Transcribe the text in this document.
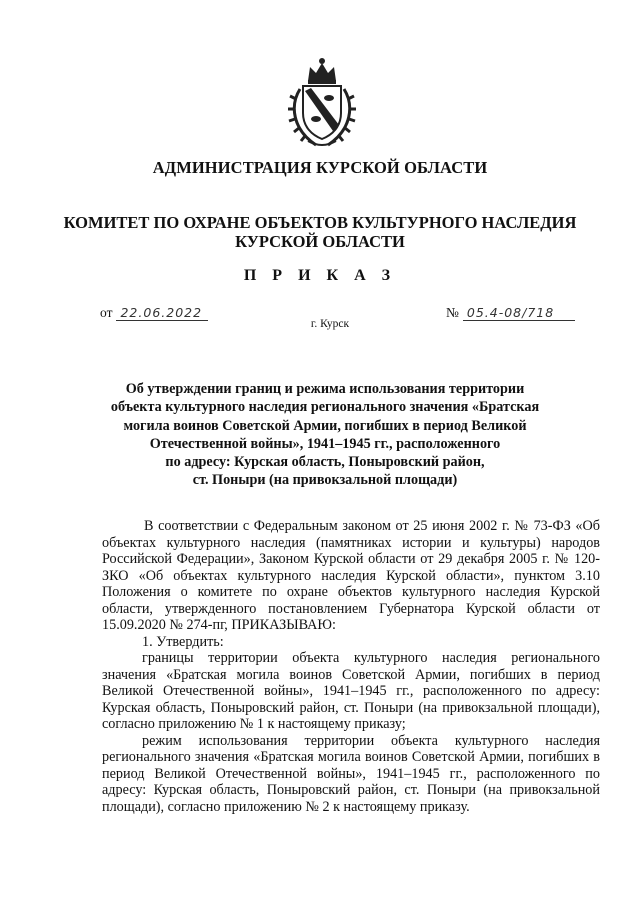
АДМИНИСТРАЦИЯ КУРСКОЙ ОБЛАСТИ
КОМИТЕТ ПО ОХРАНЕ ОБЪЕКТОВ КУЛЬТУРНОГО НАСЛЕДИЯ
КУРСКОЙ ОБЛАСТИ
П Р И К А З
от 22.06.2022	№ 05.4-08/718
г. Курск
Об утверждении границ и режима использования территории
объекта культурного наследия регионального значения «Братская
могила воинов Советской Армии, погибших в период Великой
Отечественной войны», 1941–1945 гг., расположенного
по адресу: Курская область, Поныровский район,
ст. Поныри (на привокзальной площади)

В соответствии с Федеральным законом от 25 июня 2002 г. № 73-ФЗ «Об объектах культурного наследия (памятниках истории и культуры) народов Российской Федерации», Законом Курской области от 29 декабря 2005 г. № 120-ЗКО «Об объектах культурного наследия Курской области», пунктом 3.10 Положения о комитете по охране объектов культурного наследия Курской области, утвержденного постановлением Губернатора Курской области от 15.09.2020 № 274-пг, ПРИКАЗЫВАЮ:

1. Утвердить:

границы территории объекта культурного наследия регионального значения «Братская могила воинов Советской Армии, погибших в период Великой Отечественной войны», 1941–1945 гг., расположенного по адресу: Курская область, Поныровский район, ст. Поныри (на привокзальной площади), согласно приложению № 1 к настоящему приказу;

режим использования территории объекта культурного наследия регионального значения «Братская могила воинов Советской Армии, погибших в период Великой Отечественной войны», 1941–1945 гг., расположенного по адресу: Курская область, Поныровский район, ст. Поныри (на привокзальной площади), согласно приложению № 2 к настоящему приказу.
